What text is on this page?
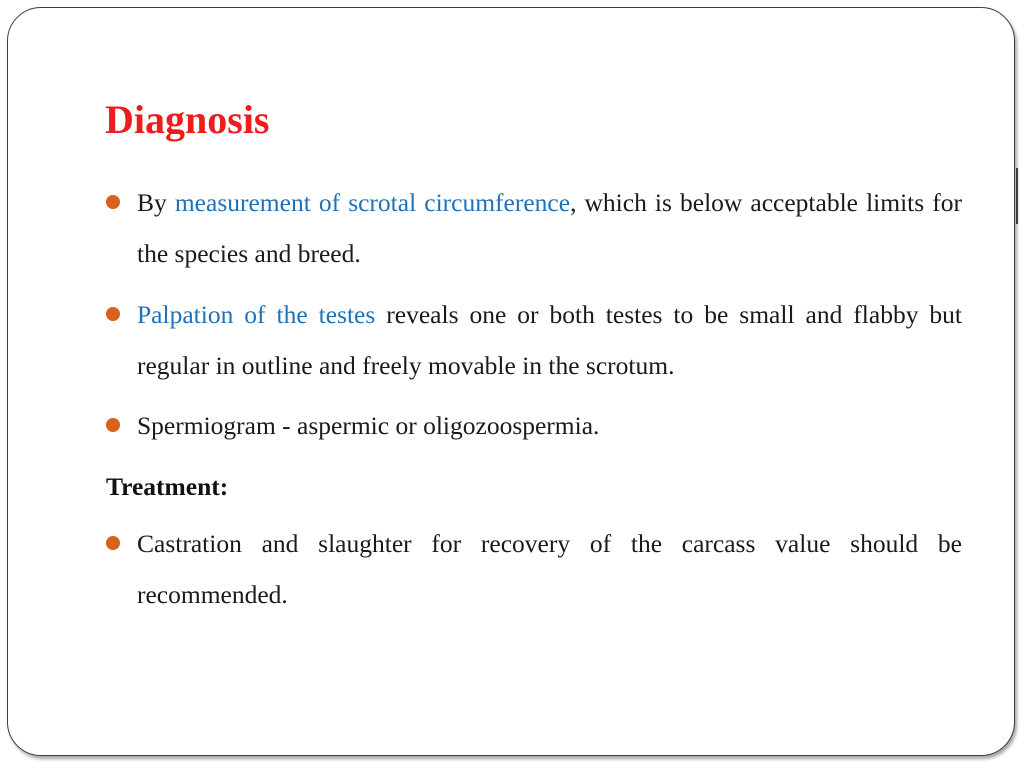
Diagnosis
By measurement of scrotal circumference, which is below acceptable limits for the species and breed.
Palpation of the testes reveals one or both testes to be small and flabby but regular in outline and freely movable in the scrotum.
Spermiogram - aspermic or oligozoospermia.
Treatment:
Castration and slaughter for recovery of the carcass value should be recommended.
